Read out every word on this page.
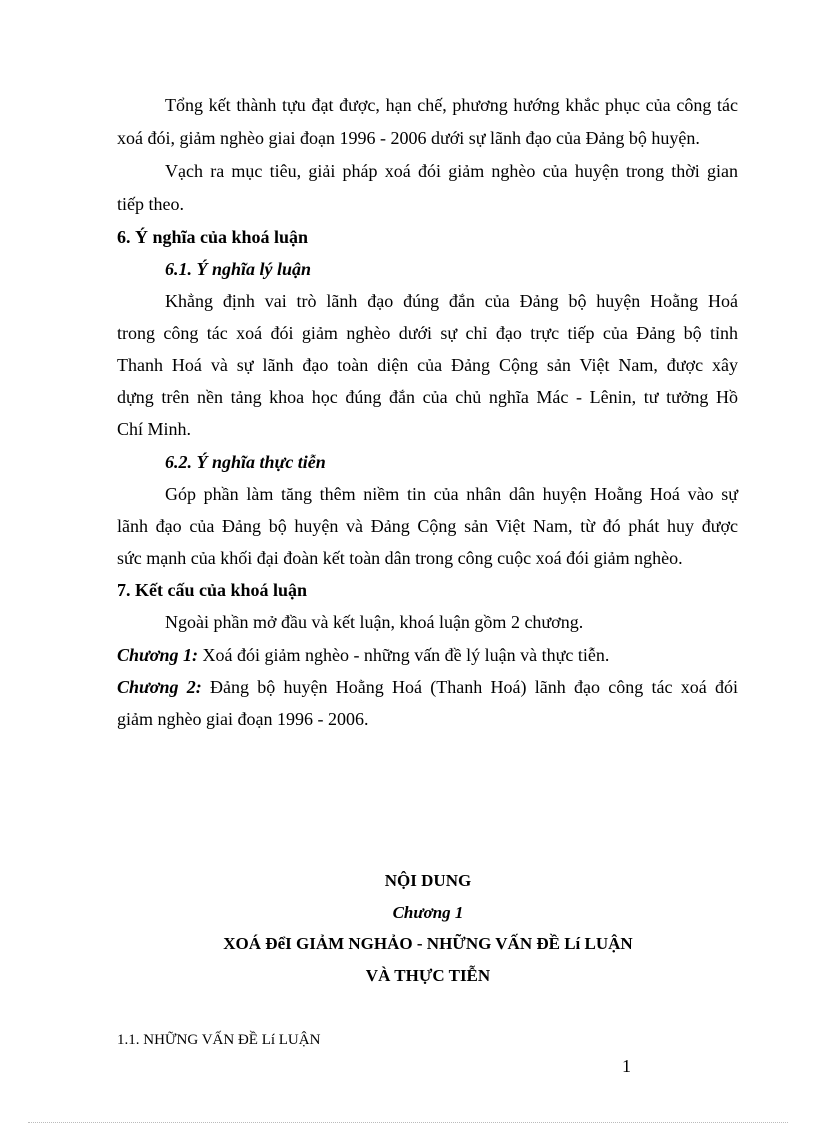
Tổng kết thành tựu đạt được, hạn chế, phương hướng khắc phục của công tác
xoá đói, giảm nghèo giai đoạn 1996 - 2006 dưới sự lãnh đạo của Đảng bộ huyện.
Vạch ra mục tiêu, giải pháp xoá đói giảm nghèo của huyện trong thời gian
tiếp theo.
6. Ý nghĩa của khoá luận
6.1. Ý nghĩa lý luận
Khẳng định vai trò lãnh đạo đúng đắn của Đảng bộ huyện Hoằng Hoá
trong công tác xoá đói giảm nghèo dưới sự chỉ đạo trực tiếp của Đảng bộ tỉnh
Thanh Hoá và sự lãnh đạo toàn diện của Đảng Cộng sản Việt Nam, được xây
dựng trên nền tảng khoa học đúng đắn của chủ nghĩa Mác - Lênin, tư tưởng Hồ
Chí Minh.
6.2. Ý nghĩa thực tiễn
Góp phần làm tăng thêm niềm tin của nhân dân huyện Hoằng Hoá vào sự
lãnh đạo của Đảng bộ huyện và Đảng Cộng sản Việt Nam, từ đó phát huy được
sức mạnh của khối đại đoàn kết toàn dân trong công cuộc xoá đói giảm nghèo.
7. Kết cấu của khoá luận
Ngoài phần mở đầu và kết luận, khoá luận gồm 2 chương.
Chương 1: Xoá đói giảm nghèo - những vấn đề lý luận và thực tiễn.
Chương 2: Đảng bộ huyện Hoằng Hoá (Thanh Hoá) lãnh đạo công tác xoá đói
giảm nghèo giai đoạn 1996 - 2006.
NỘI DUNG
Chương 1
XOÁ ĐểI GIẢM NGHẢO - NHỮNG VẤN ĐỀ Lí LUẬN
VÀ THỰC TIỄN
1.1. NHỮNG VẤN ĐỀ Lí LUẬN
1
